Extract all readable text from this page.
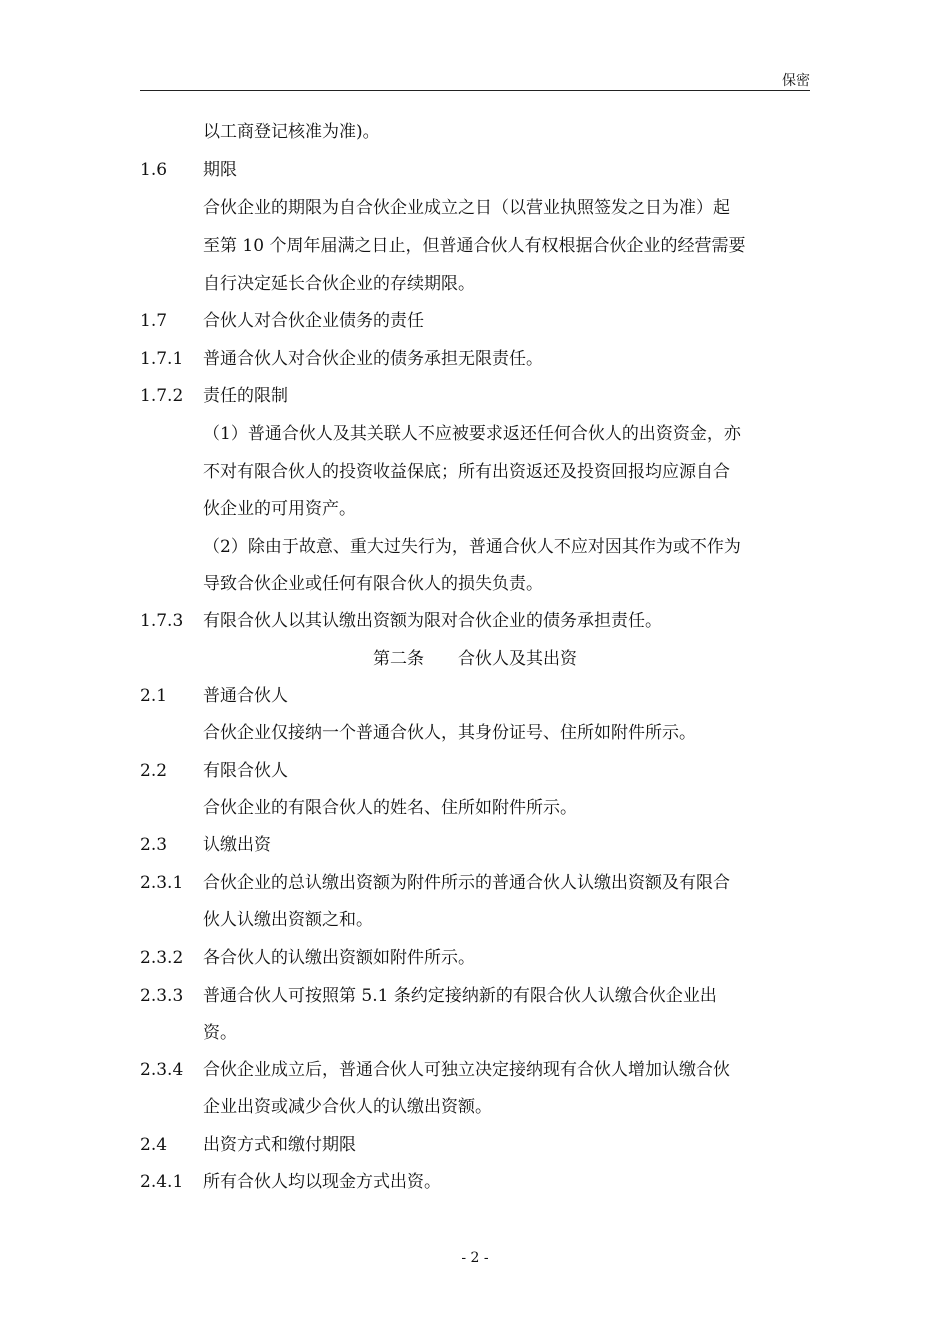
保密
以工商登记核准为准)。
1.6 期限
合伙企业的期限为自合伙企业成立之日（以营业执照签发之日为准）起
至第 10 个周年届满之日止，但普通合伙人有权根据合伙企业的经营需要
自行决定延长合伙企业的存续期限。
1.7 合伙人对合伙企业债务的责任
1.7.1 普通合伙人对合伙企业的债务承担无限责任。
1.7.2 责任的限制
（1）普通合伙人及其关联人不应被要求返还任何合伙人的出资资金，亦
不对有限合伙人的投资收益保底；所有出资返还及投资回报均应源自合
伙企业的可用资产。
（2）除由于故意、重大过失行为，普通合伙人不应对因其作为或不作为
导致合伙企业或任何有限合伙人的损失负责。
1.7.3 有限合伙人以其认缴出资额为限对合伙企业的债务承担责任。
第二条　　合伙人及其出资
2.1 普通合伙人
合伙企业仅接纳一个普通合伙人，其身份证号、住所如附件所示。
2.2 有限合伙人
合伙企业的有限合伙人的姓名、住所如附件所示。
2.3 认缴出资
2.3.1 合伙企业的总认缴出资额为附件所示的普通合伙人认缴出资额及有限合
伙人认缴出资额之和。
2.3.2 各合伙人的认缴出资额如附件所示。
2.3.3 普通合伙人可按照第 5.1 条约定接纳新的有限合伙人认缴合伙企业出
资。
2.3.4 合伙企业成立后，普通合伙人可独立决定接纳现有合伙人增加认缴合伙
企业出资或减少合伙人的认缴出资额。
2.4 出资方式和缴付期限
2.4.1 所有合伙人均以现金方式出资。
- 2 -
